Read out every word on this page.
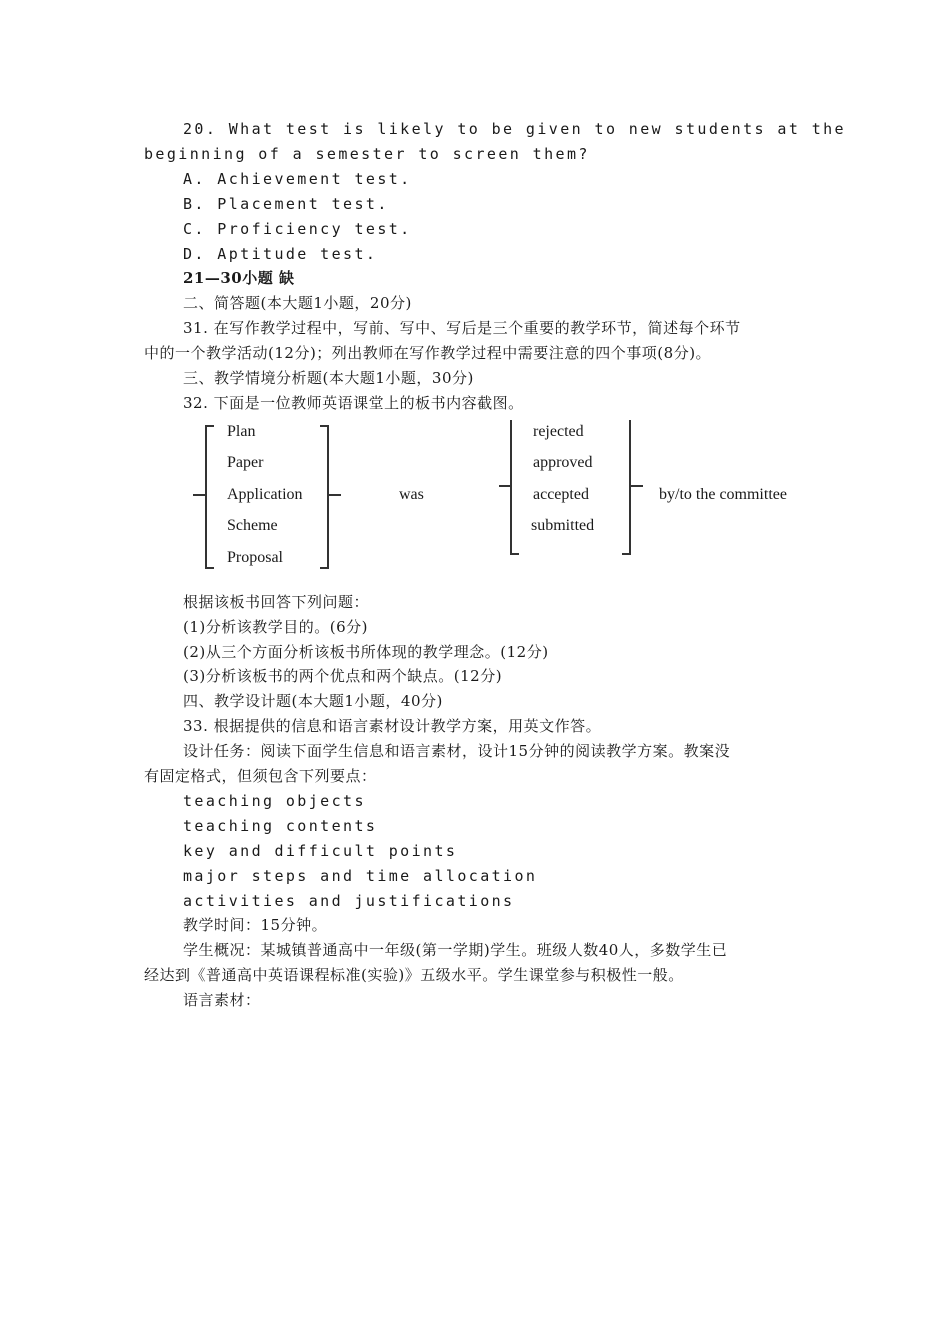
20. What test is likely to be given to new students at the
beginning of a semester to screen them?
A. Achievement test.
B. Placement test.
C. Proficiency test.
D. Aptitude test.
21—30小题 缺
二、简答题(本大题1小题，20分)
31. 在写作教学过程中，写前、写中、写后是三个重要的教学环节，简述每个环节
中的一个教学活动(12分)；列出教师在写作教学过程中需要注意的四个事项(8分)。
三、教学情境分析题(本大题1小题，30分)
32. 下面是一位教师英语课堂上的板书内容截图。
Plan
Paper
Application
Scheme
Proposal
was
rejected
approved
accepted
submitted
by/to the committee
根据该板书回答下列问题：
(1)分析该教学目的。(6分)
(2)从三个方面分析该板书所体现的教学理念。(12分)
(3)分析该板书的两个优点和两个缺点。(12分)
四、教学设计题(本大题1小题，40分)
33. 根据提供的信息和语言素材设计教学方案，用英文作答。
设计任务：阅读下面学生信息和语言素材，设计15分钟的阅读教学方案。教案没
有固定格式，但须包含下列要点：
teaching objects
teaching contents
key and difficult points
major steps and time allocation
activities and justifications
教学时间：15分钟。
学生概况：某城镇普通高中一年级(第一学期)学生。班级人数40人，多数学生已
经达到《普通高中英语课程标准(实验)》五级水平。学生课堂参与积极性一般。
语言素材：
